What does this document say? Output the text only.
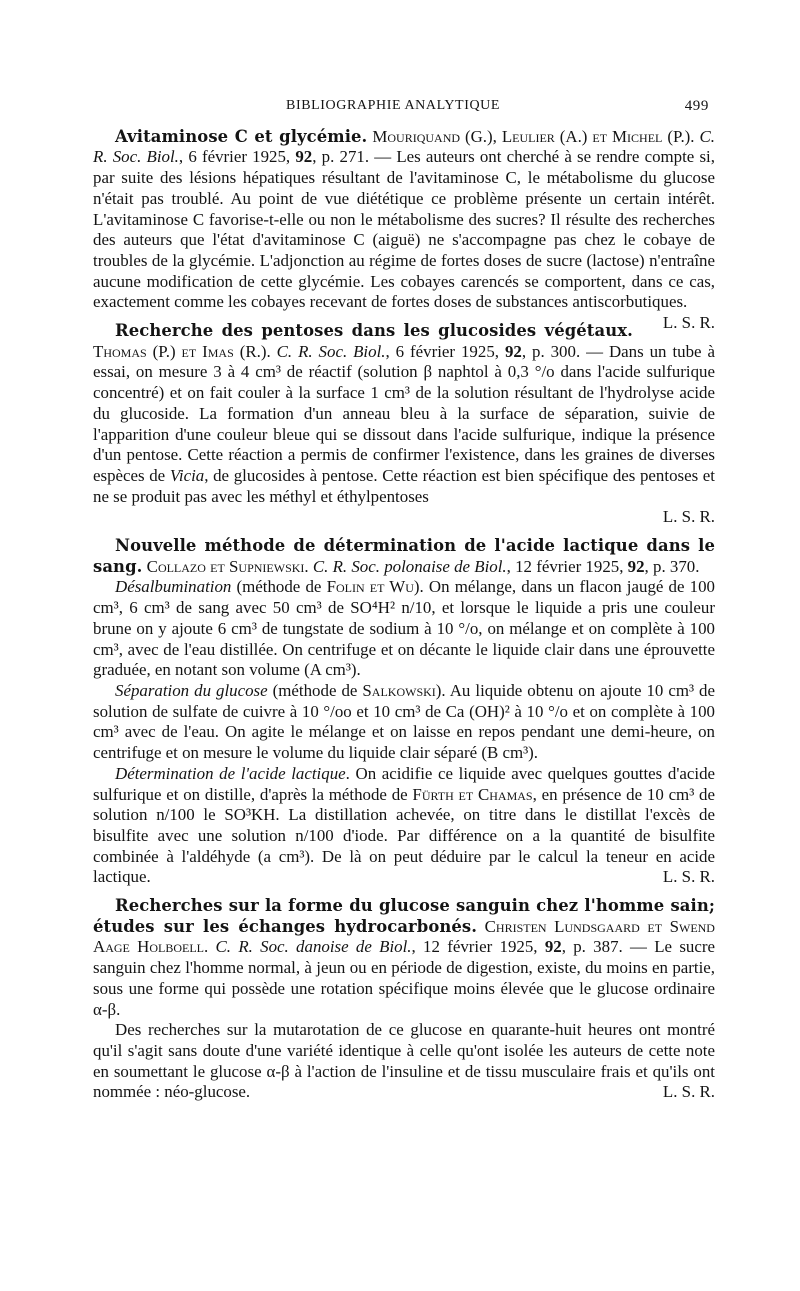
BIBLIOGRAPHIE ANALYTIQUE	499

Avitaminose C et glycémie. Mouriquand (G.), Leulier (A.) et Michel (P.). C. R. Soc. Biol., 6 février 1925, 92, p. 271. — Les auteurs ont cherché à se rendre compte si, par suite des lésions hépatiques résultant de l'avitaminose C, le métabolisme du glucose n'était pas troublé. Au point de vue diététique ce problème présente un certain intérêt. L'avitaminose C favorise-t-elle ou non le métabolisme des sucres? Il résulte des recherches des auteurs que l'état d'avitaminose C (aiguë) ne s'accompagne pas chez le cobaye de troubles de la glycémie. L'adjonction au régime de fortes doses de sucre (lactose) n'entraîne aucune modification de cette glycémie. Les cobayes carencés se comportent, dans ce cas, exactement comme les cobayes recevant de fortes doses de substances antiscorbutiques.
L. S. R.

Recherche des pentoses dans les glucosides végétaux. Thomas (P.) et Imas (R.). C. R. Soc. Biol., 6 février 1925, 92, p. 300. — Dans un tube à essai, on mesure 3 à 4 cm³ de réactif (solution β naphtol à 0,3 °/o dans l'acide sulfurique concentré) et on fait couler à la surface 1 cm³ de la solution résultant de l'hydrolyse acide du glucoside. La formation d'un anneau bleu à la surface de séparation, suivie de l'apparition d'une couleur bleue qui se dissout dans l'acide sulfurique, indique la présence d'un pentose. Cette réaction a permis de confirmer l'existence, dans les graines de diverses espèces de Vicia, de glucosides à pentose. Cette réaction est bien spécifique des pentoses et ne se produit pas avec les méthyl et éthylpentoses

L. S. R.

Nouvelle méthode de détermination de l'acide lactique dans le sang. Collazo et Supniewski. C. R. Soc. polonaise de Biol., 12 février 1925, 92, p. 370.

Désalbumination (méthode de Folin et Wu). On mélange, dans un flacon jaugé de 100 cm³, 6 cm³ de sang avec 50 cm³ de SO⁴H² n/10, et lorsque le liquide a pris une couleur brune on y ajoute 6 cm³ de tungstate de sodium à 10 °/o, on mélange et on complète à 100 cm³, avec de l'eau distillée. On centrifuge et on décante le liquide clair dans une éprouvette graduée, en notant son volume (A cm³).

Séparation du glucose (méthode de Salkowski). Au liquide obtenu on ajoute 10 cm³ de solution de sulfate de cuivre à 10 °/oo et 10 cm³ de Ca (OH)² à 10 °/o et on complète à 100 cm³ avec de l'eau. On agite le mélange et on laisse en repos pendant une demi-heure, on centrifuge et on mesure le volume du liquide clair séparé (B cm³).

Détermination de l'acide lactique. On acidifie ce liquide avec quelques gouttes d'acide sulfurique et on distille, d'après la méthode de Fürth et Chamas, en présence de 10 cm³ de solution n/100 le SO³KH. La distillation achevée, on titre dans le distillat l'excès de bisulfite avec une solution n/100 d'iode. Par différence on a la quantité de bisulfite combinée à l'aldéhyde (a cm³). De là on peut déduire par le calcul la teneur en acide lactique.	L. S. R.

Recherches sur la forme du glucose sanguin chez l'homme sain; études sur les échanges hydrocarbonés. Christen Lundsgaard et Swend Aage Holboell. C. R. Soc. danoise de Biol., 12 février 1925, 92, p. 387. — Le sucre sanguin chez l'homme normal, à jeun ou en période de digestion, existe, du moins en partie, sous une forme qui possède une rotation spécifique moins élevée que le glucose ordinaire α-β.

Des recherches sur la mutarotation de ce glucose en quarante-huit heures ont montré qu'il s'agit sans doute d'une variété identique à celle qu'ont isolée les auteurs de cette note en soumettant le glucose α-β à l'action de l'insuline et de tissu musculaire frais et qu'ils ont nommée : néo-glucose.	L. S. R.
